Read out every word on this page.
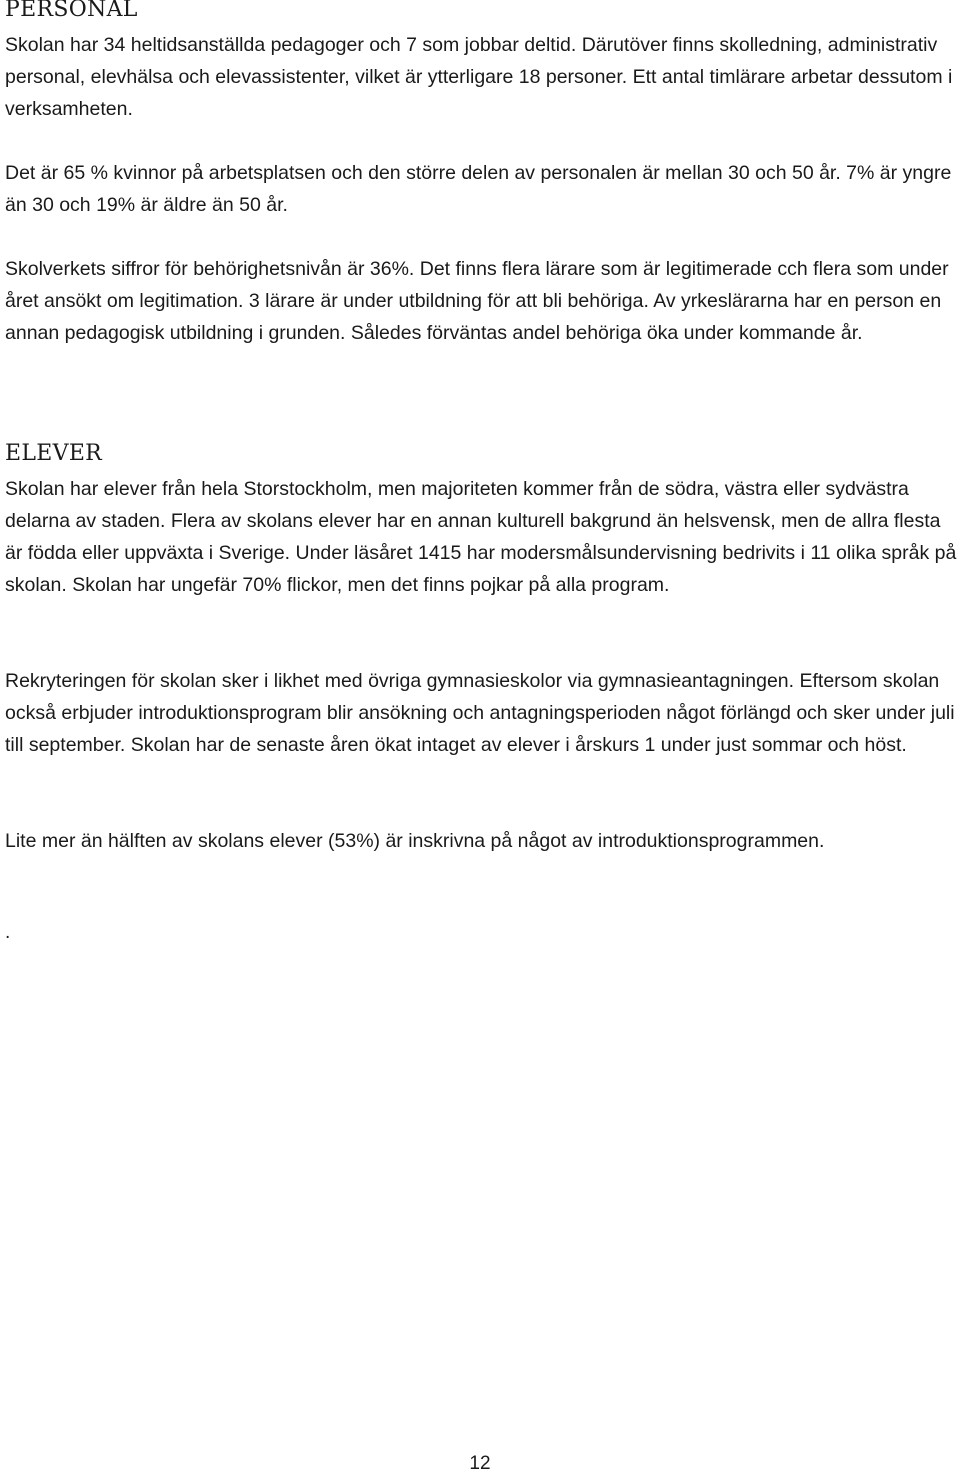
PERSONAL

Skolan har 34 heltidsanställda pedagoger och 7 som jobbar deltid. Därutöver finns skolledning, administrativ personal, elevhälsa och elevassistenter, vilket är ytterligare 18 personer. Ett antal timlärare arbetar dessutom i verksamheten.

Det är 65 % kvinnor på arbetsplatsen och den större delen av personalen är mellan 30 och 50 år. 7% är yngre än 30 och 19% är äldre än 50 år.

Skolverkets siffror för behörighetsnivån är 36%. Det finns flera lärare som är legitimerade cch flera som under året ansökt om legitimation. 3 lärare är under utbildning för att bli behöriga. Av yrkeslärarna har en person en annan pedagogisk utbildning i grunden. Således förväntas andel behöriga öka under kommande år.

ELEVER

Skolan har elever från hela Storstockholm, men majoriteten kommer från de södra, västra eller sydvästra delarna av staden. Flera av skolans elever har en annan kulturell bakgrund än helsvensk, men de allra flesta är födda eller uppväxta i Sverige. Under läsåret 1415 har modersmålsundervisning bedrivits i 11 olika språk på skolan. Skolan har ungefär 70% flickor, men det finns pojkar på alla program.

Rekryteringen för skolan sker i likhet med övriga gymnasieskolor via gymnasieantagningen. Eftersom skolan också erbjuder introduktionsprogram blir ansökning och antagningsperioden något förlängd och sker under juli till september. Skolan har de senaste åren ökat intaget av elever i årskurs 1 under just sommar och höst.

Lite mer än hälften av skolans elever (53%) är inskrivna på något av introduktionsprogrammen.

.
12
